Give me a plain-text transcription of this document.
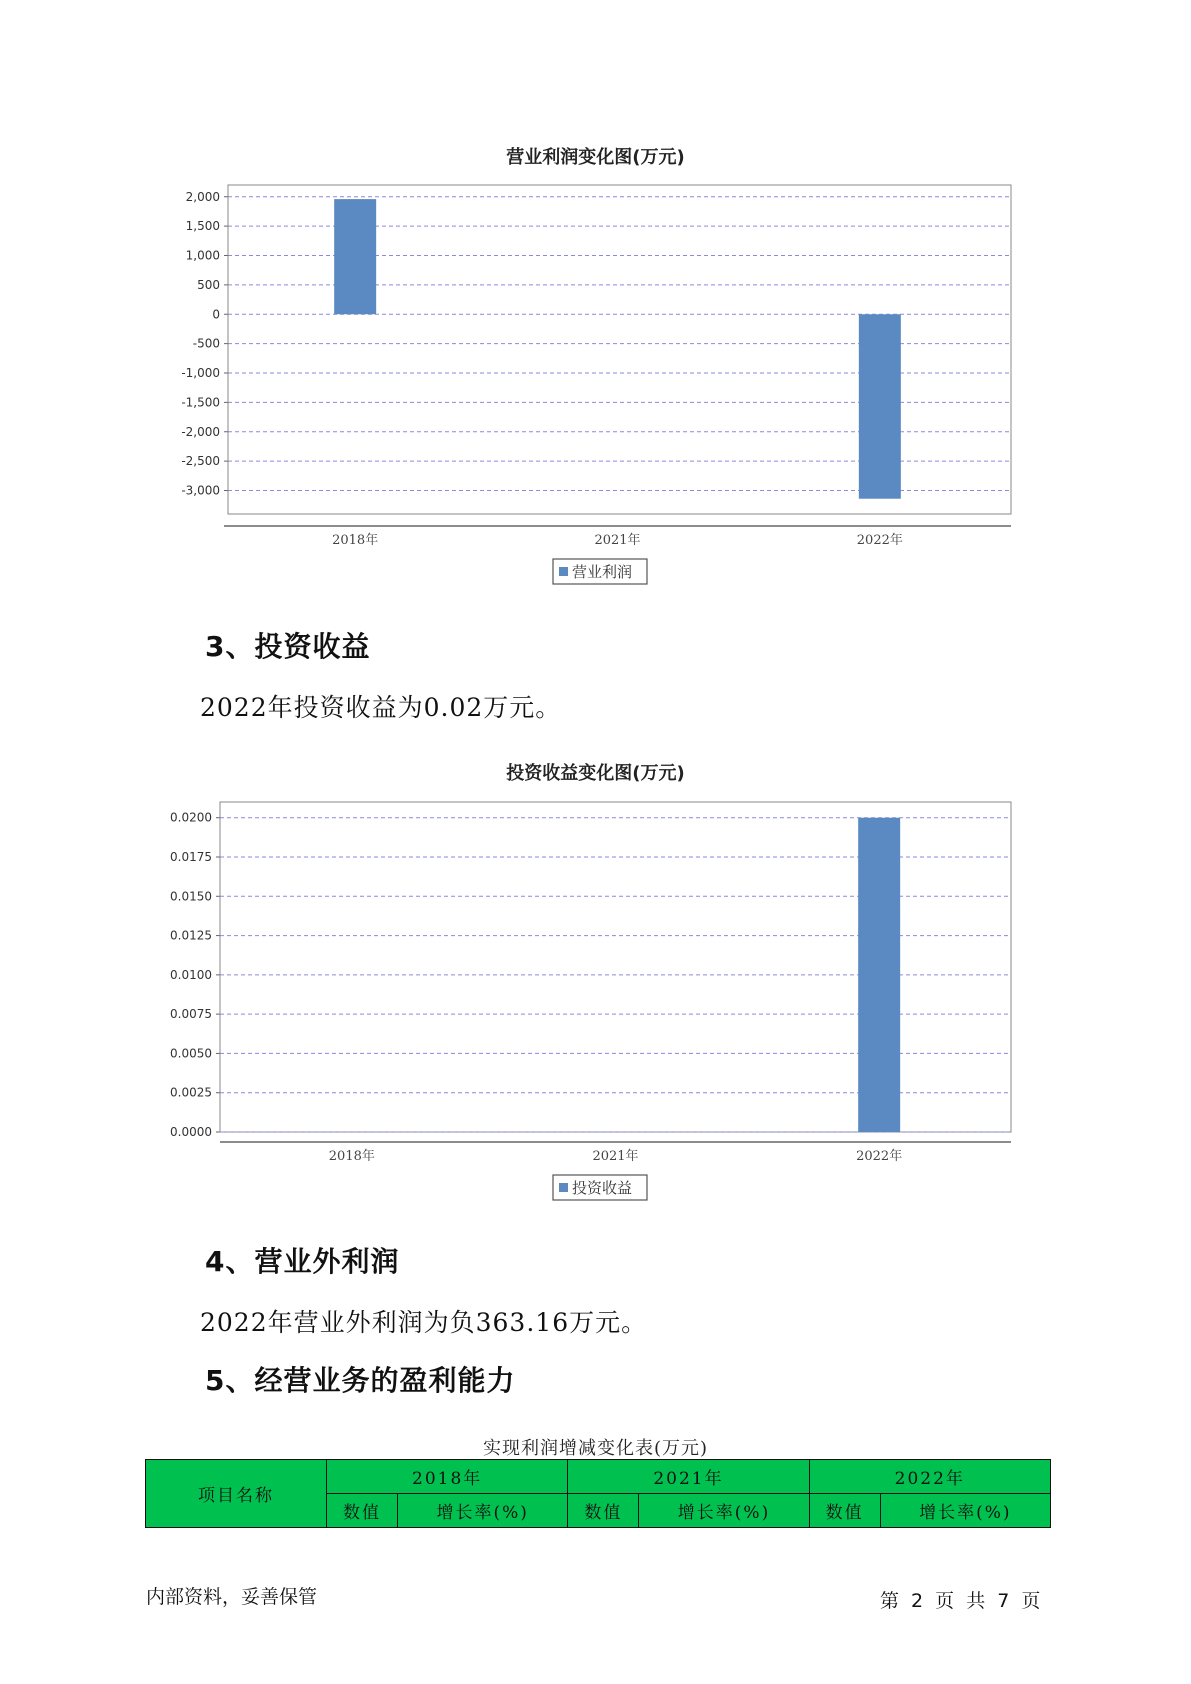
营业利润变化图(万元)
2,000
1,500
1,000
500
0
-500
-1,000
-1,500
-2,000
-2,500
-3,000
2018年	2021年	2022年
营业利润
3、投资收益
2022年投资收益为0.02万元。
投资收益变化图(万元)
0.0200
0.0175
0.0150
0.0125
0.0100
0.0075
0.0050
0.0025
0.0000
2018年	2021年	2022年
投资收益
4、营业外利润
2022年营业外利润为负363.16万元。
5、经营业务的盈利能力
实现利润增减变化表(万元)
项目名称	2018年		2021年		2022年	
	数值	增长率(%)	数值	增长率(%)	数值	增长率(%)
内部资料，妥善保管	第 2 页 共 7 页
